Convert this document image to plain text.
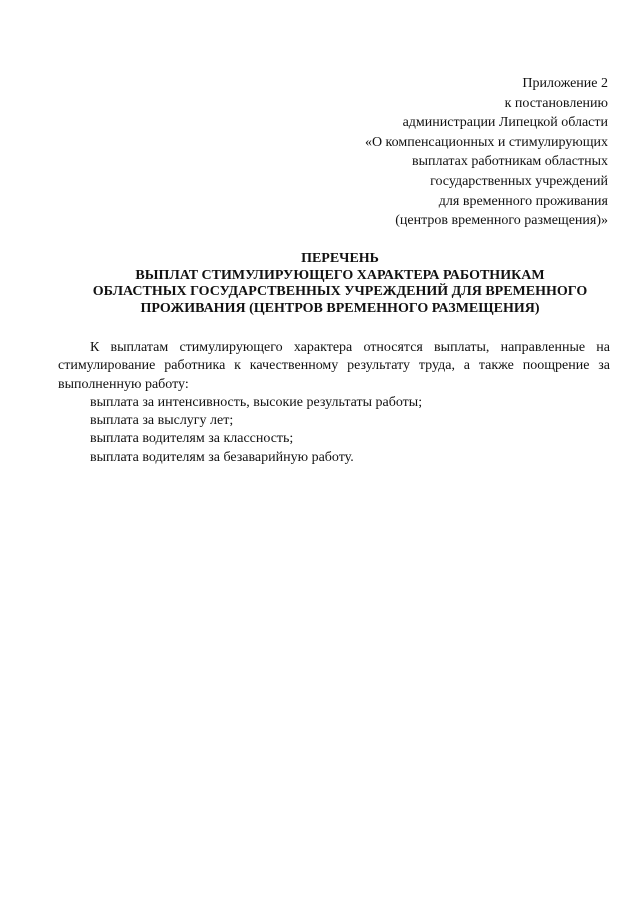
Приложение 2
к постановлению
администрации Липецкой области
«О компенсационных и стимулирующих
выплатах работникам областных
государственных учреждений
для временного проживания
(центров временного размещения)»
ПЕРЕЧЕНЬ
ВЫПЛАТ СТИМУЛИРУЮЩЕГО ХАРАКТЕРА РАБОТНИКАМ
ОБЛАСТНЫХ ГОСУДАРСТВЕННЫХ УЧРЕЖДЕНИЙ ДЛЯ ВРЕМЕННОГО
ПРОЖИВАНИЯ (ЦЕНТРОВ ВРЕМЕННОГО РАЗМЕЩЕНИЯ)

К выплатам стимулирующего характера относятся выплаты, направленные на стимулирование работника к качественному результату труда, а также поощрение за выполненную работу:

выплата за интенсивность, высокие результаты работы;
выплата за выслугу лет;
выплата водителям за классность;
выплата водителям за безаварийную работу.
